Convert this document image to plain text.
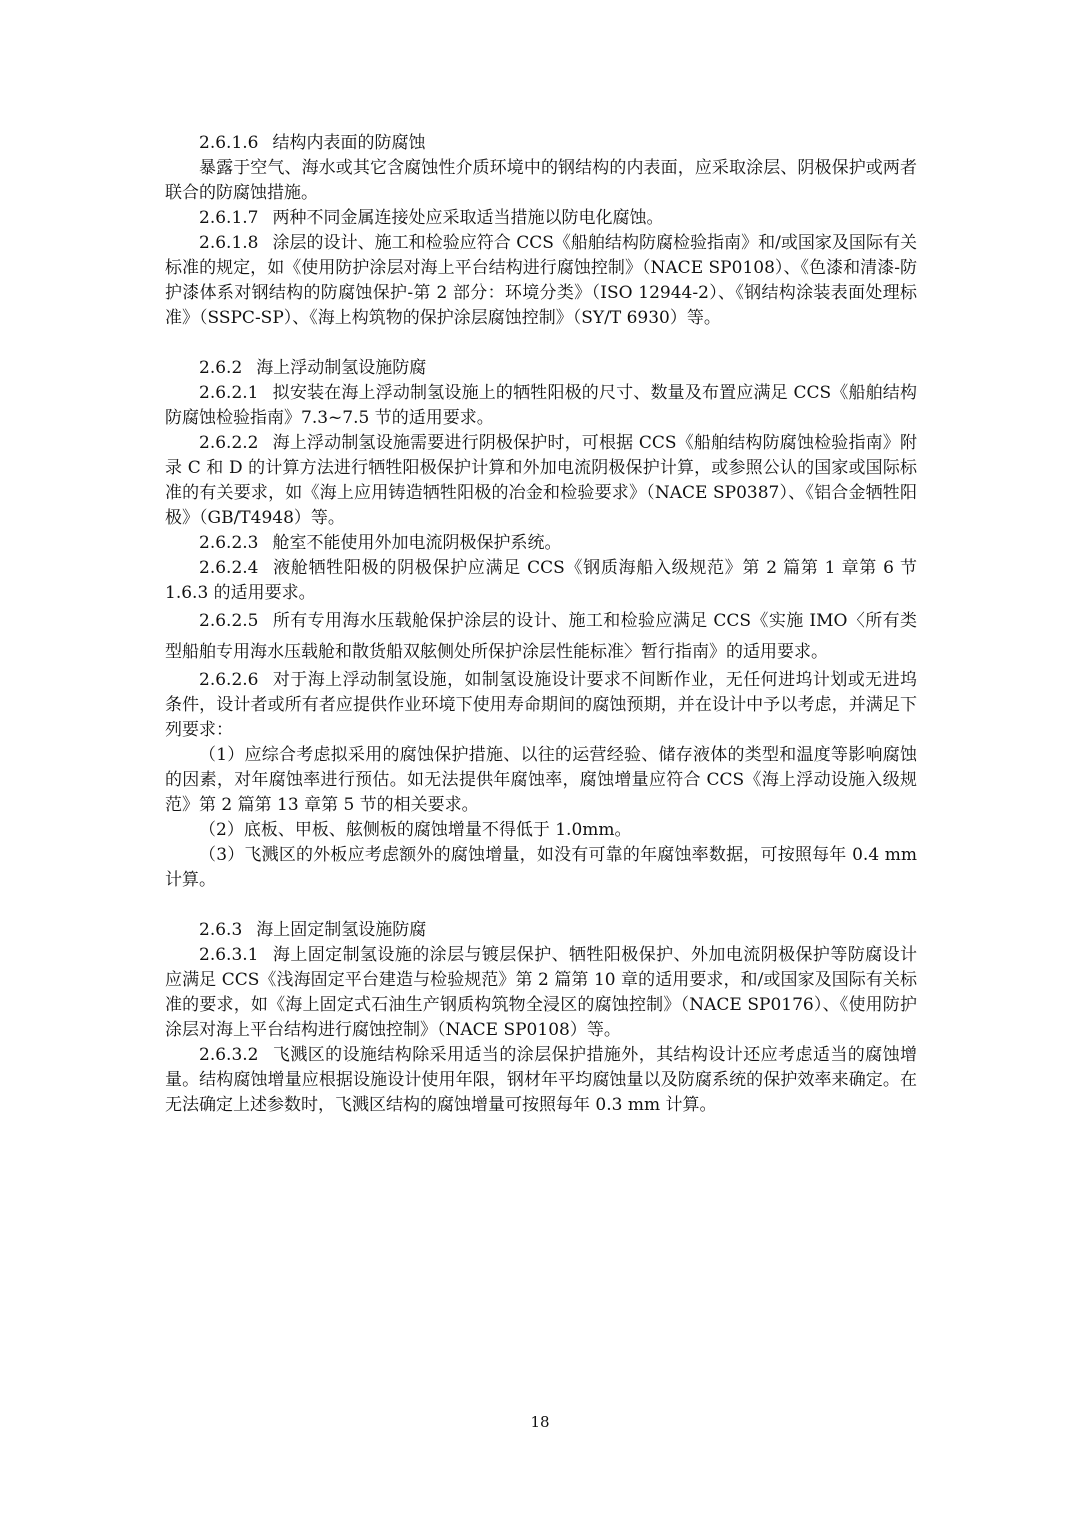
2.6.1.6 结构内表面的防腐蚀

暴露于空气、海水或其它含腐蚀性介质环境中的钢结构的内表面，应采取涂层、阴极保护或两者联合的防腐蚀措施。

2.6.1.7 两种不同金属连接处应采取适当措施以防电化腐蚀。

2.6.1.8 涂层的设计、施工和检验应符合 CCS《船舶结构防腐检验指南》和/或国家及国际有关标准的规定，如《使用防护涂层对海上平台结构进行腐蚀控制》（NACE SP0108）、《色漆和清漆-防护漆体系对钢结构的防腐蚀保护-第 2 部分：环境分类》（ISO 12944-2）、《钢结构涂装表面处理标准》（SSPC-SP）、《海上构筑物的保护涂层腐蚀控制》（SY/T 6930）等。

2.6.2 海上浮动制氢设施防腐

2.6.2.1 拟安装在海上浮动制氢设施上的牺牲阳极的尺寸、数量及布置应满足 CCS《船舶结构防腐蚀检验指南》7.3~7.5 节的适用要求。

2.6.2.2 海上浮动制氢设施需要进行阴极保护时，可根据 CCS《船舶结构防腐蚀检验指南》附录 C 和 D 的计算方法进行牺牲阳极保护计算和外加电流阴极保护计算，或参照公认的国家或国际标准的有关要求，如《海上应用铸造牺牲阳极的冶金和检验要求》（NACE SP0387）、《铝合金牺牲阳极》（GB/T4948）等。

2.6.2.3 舱室不能使用外加电流阴极保护系统。

2.6.2.4 液舱牺牲阳极的阴极保护应满足 CCS《钢质海船入级规范》第 2 篇第 1 章第 6 节 1.6.3 的适用要求。

2.6.2.5 所有专用海水压载舱保护涂层的设计、施工和检验应满足 CCS《实施 IMO〈所有类型船舶专用海水压载舱和散货船双舷侧处所保护涂层性能标准〉暂行指南》的适用要求。

2.6.2.6 对于海上浮动制氢设施，如制氢设施设计要求不间断作业，无任何进坞计划或无进坞条件，设计者或所有者应提供作业环境下使用寿命期间的腐蚀预期，并在设计中予以考虑，并满足下列要求：

（1）应综合考虑拟采用的腐蚀保护措施、以往的运营经验、储存液体的类型和温度等影响腐蚀的因素，对年腐蚀率进行预估。如无法提供年腐蚀率，腐蚀增量应符合 CCS《海上浮动设施入级规范》第 2 篇第 13 章第 5 节的相关要求。

（2）底板、甲板、舷侧板的腐蚀增量不得低于 1.0mm。

（3）飞溅区的外板应考虑额外的腐蚀增量，如没有可靠的年腐蚀率数据，可按照每年 0.4 mm 计算。

2.6.3 海上固定制氢设施防腐

2.6.3.1 海上固定制氢设施的涂层与镀层保护、牺牲阳极保护、外加电流阴极保护等防腐设计应满足 CCS《浅海固定平台建造与检验规范》第 2 篇第 10 章的适用要求，和/或国家及国际有关标准的要求，如《海上固定式石油生产钢质构筑物全浸区的腐蚀控制》（NACE SP0176）、《使用防护涂层对海上平台结构进行腐蚀控制》（NACE SP0108）等。

2.6.3.2 飞溅区的设施结构除采用适当的涂层保护措施外，其结构设计还应考虑适当的腐蚀增量。结构腐蚀增量应根据设施设计使用年限，钢材年平均腐蚀量以及防腐系统的保护效率来确定。在无法确定上述参数时，飞溅区结构的腐蚀增量可按照每年 0.3 mm 计算。

18
